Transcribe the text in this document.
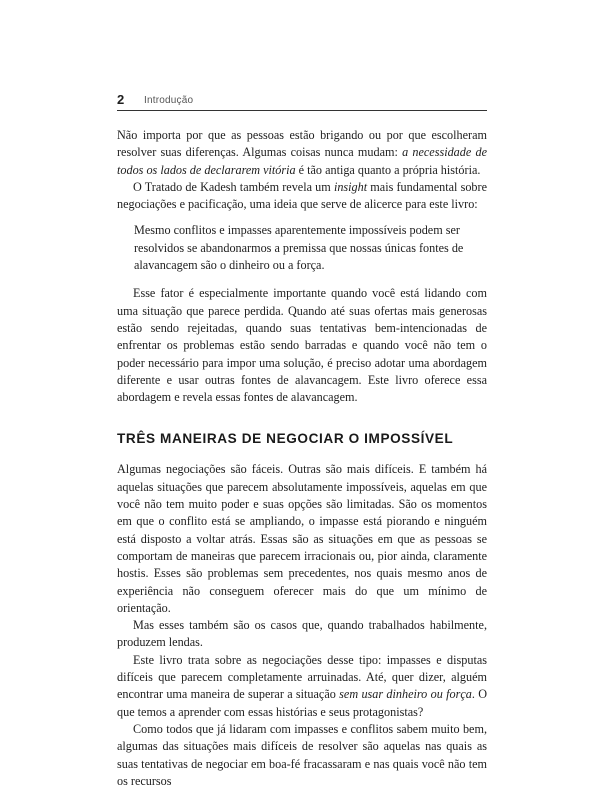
2 Introdução

Não importa por que as pessoas estão brigando ou por que escolheram resolver suas diferenças. Algumas coisas nunca mudam: a necessidade de todos os lados de declararem vitória é tão antiga quanto a própria história.

O Tratado de Kadesh também revela um insight mais fundamental sobre negociações e pacificação, uma ideia que serve de alicerce para este livro:

Mesmo conflitos e impasses aparentemente impossíveis podem ser resolvidos se abandonarmos a premissa que nossas únicas fontes de alavancagem são o dinheiro ou a força.

Esse fator é especialmente importante quando você está lidando com uma situação que parece perdida. Quando até suas ofertas mais generosas estão sendo rejeitadas, quando suas tentativas bem-intencionadas de enfrentar os problemas estão sendo barradas e quando você não tem o poder necessário para impor uma solução, é preciso adotar uma abordagem diferente e usar outras fontes de alavancagem. Este livro oferece essa abordagem e revela essas fontes de alavancagem.

TRÊS MANEIRAS DE NEGOCIAR O IMPOSSÍVEL

Algumas negociações são fáceis. Outras são mais difíceis. E também há aquelas situações que parecem absolutamente impossíveis, aquelas em que você não tem muito poder e suas opções são limitadas. São os momentos em que o conflito está se ampliando, o impasse está piorando e ninguém está disposto a voltar atrás. Essas são as situações em que as pessoas se comportam de maneiras que parecem irracionais ou, pior ainda, claramente hostis. Esses são problemas sem precedentes, nos quais mesmo anos de experiência não conseguem oferecer mais do que um mínimo de orientação.

Mas esses também são os casos que, quando trabalhados habilmente, produzem lendas.

Este livro trata sobre as negociações desse tipo: impasses e disputas difíceis que parecem completamente arruinadas. Até, quer dizer, alguém encontrar uma maneira de superar a situação sem usar dinheiro ou força. O que temos a aprender com essas histórias e seus protagonistas?

Como todos que já lidaram com impasses e conflitos sabem muito bem, algumas das situações mais difíceis de resolver são aquelas nas quais as suas tentativas de negociar em boa-fé fracassaram e nas quais você não tem os recursos
